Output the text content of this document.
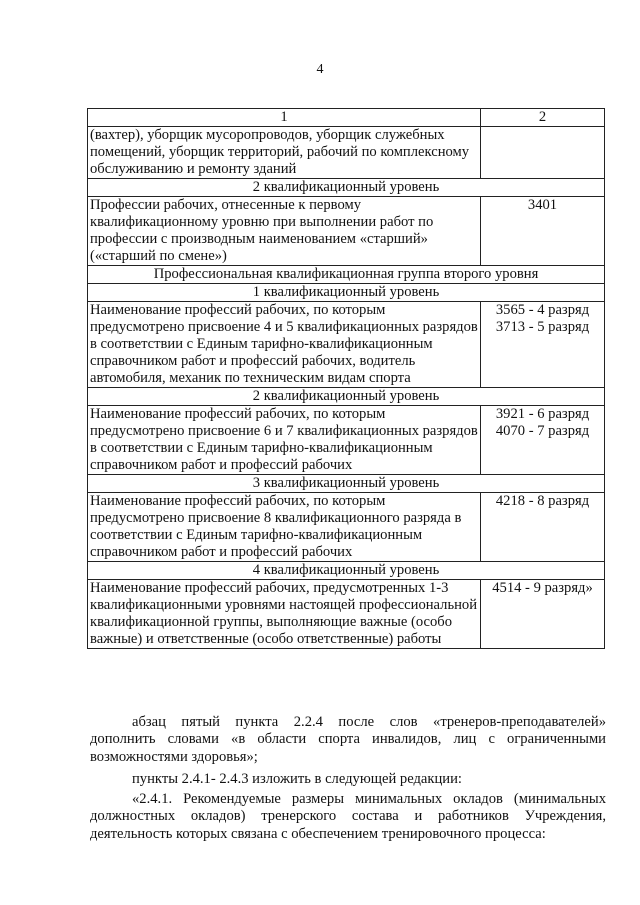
4
1	2
(вахтер), уборщик мусоропроводов, уборщик служебных помещений, уборщик территорий, рабочий по комплексному обслуживанию и ремонту зданий	
2 квалификационный уровень	
Профессии рабочих, отнесенные к первому квалификационному уровню при выполнении работ по профессии с производным наименованием «старший» («старший по смене»)	3401

Профессиональная квалификационная группа второго уровня	
1 квалификационный уровень	
Наименование профессий рабочих, по которым предусмотрено присвоение 4 и 5 квалификационных разрядов в соответствии с Единым тарифно-квалификационным справочником работ и профессий рабочих, водитель автомобиля, механик по техническим видам спорта	3565 - 4 разряд
3713 - 5 разряд

2 квалификационный уровень	
Наименование профессий рабочих, по которым предусмотрено присвоение 6 и 7 квалификационных разрядов в соответствии с Единым тарифно-квалификационным справочником работ и профессий рабочих	3921 - 6 разряд
4070 - 7 разряд

3 квалификационный уровень	
Наименование профессий рабочих, по которым предусмотрено присвоение 8 квалификационного разряда в соответствии с Единым тарифно-квалификационным справочником работ и профессий рабочих	4218 - 8 разряд

4 квалификационный уровень	
Наименование профессий рабочих, предусмотренных 1-3 квалификационными уровнями настоящей профессиональной квалификационной группы, выполняющие важные (особо важные) и ответственные (особо ответственные) работы	4514 - 9 разряд»
абзац пятый пункта 2.2.4 после слов «тренеров-преподавателей»
дополнить словами «в области спорта инвалидов, лиц с ограниченными
возможностями здоровья»;
пункты 2.4.1- 2.4.3 изложить в следующей редакции:
«2.4.1. Рекомендуемые размеры минимальных окладов (минимальных
должностных окладов) тренерского состава и работников Учреждения,
деятельность которых связана с обеспечением тренировочного процесса:
